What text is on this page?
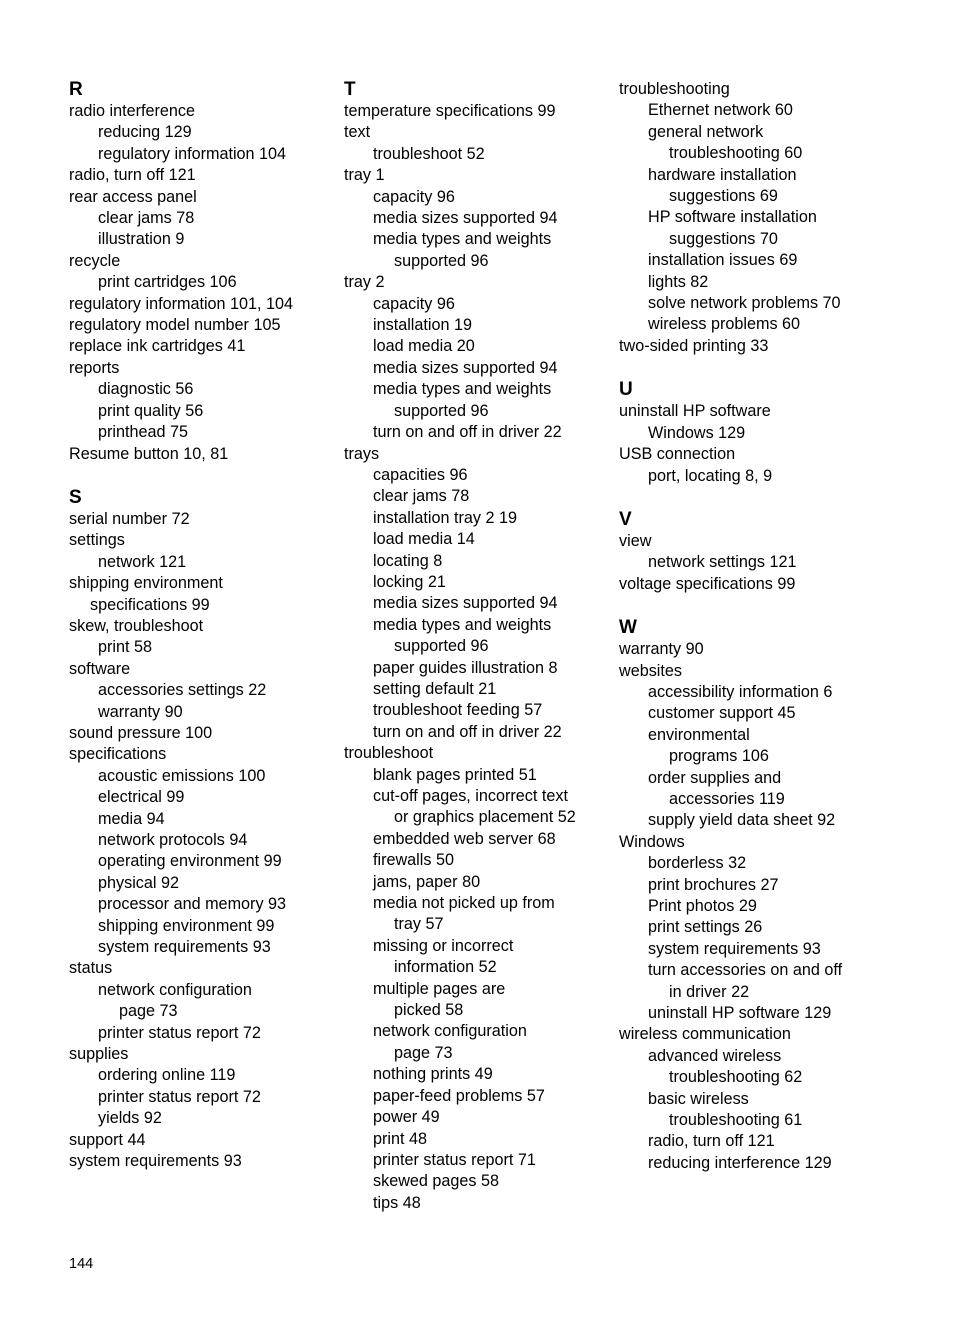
R
radio interference
reducing 129
regulatory information 104
radio, turn off 121
rear access panel
clear jams 78
illustration 9
recycle
print cartridges 106
regulatory information 101, 104
regulatory model number 105
replace ink cartridges 41
reports
diagnostic 56
print quality 56
printhead 75
Resume button 10, 81
S
serial number 72
settings
network 121
shipping environment
specifications 99
skew, troubleshoot
print 58
software
accessories settings 22
warranty 90
sound pressure 100
specifications
acoustic emissions 100
electrical 99
media 94
network protocols 94
operating environment 99
physical 92
processor and memory 93
shipping environment 99
system requirements 93
status
network configuration
page 73
printer status report 72
supplies
ordering online 119
printer status report 72
yields 92
support 44
system requirements 93
T
temperature specifications 99
text
troubleshoot 52
tray 1
capacity 96
media sizes supported 94
media types and weights
supported 96
tray 2
capacity 96
installation 19
load media 20
media sizes supported 94
media types and weights
supported 96
turn on and off in driver 22
trays
capacities 96
clear jams 78
installation tray 2 19
load media 14
locating 8
locking 21
media sizes supported 94
media types and weights
supported 96
paper guides illustration 8
setting default 21
troubleshoot feeding 57
turn on and off in driver 22
troubleshoot
blank pages printed 51
cut-off pages, incorrect text
or graphics placement 52
embedded web server 68
firewalls 50
jams, paper 80
media not picked up from
tray 57
missing or incorrect
information 52
multiple pages are
picked 58
network configuration
page 73
nothing prints 49
paper-feed problems 57
power 49
print 48
printer status report 71
skewed pages 58
tips 48
troubleshooting
Ethernet network 60
general network
troubleshooting 60
hardware installation
suggestions 69
HP software installation
suggestions 70
installation issues 69
lights 82
solve network problems 70
wireless problems 60
two-sided printing 33
U
uninstall HP software
Windows 129
USB connection
port, locating 8, 9
V
view
network settings 121
voltage specifications 99
W
warranty 90
websites
accessibility information 6
customer support 45
environmental
programs 106
order supplies and
accessories 119
supply yield data sheet 92
Windows
borderless 32
print brochures 27
Print photos 29
print settings 26
system requirements 93
turn accessories on and off
in driver 22
uninstall HP software 129
wireless communication
advanced wireless
troubleshooting 62
basic wireless
troubleshooting 61
radio, turn off 121
reducing interference 129
144
